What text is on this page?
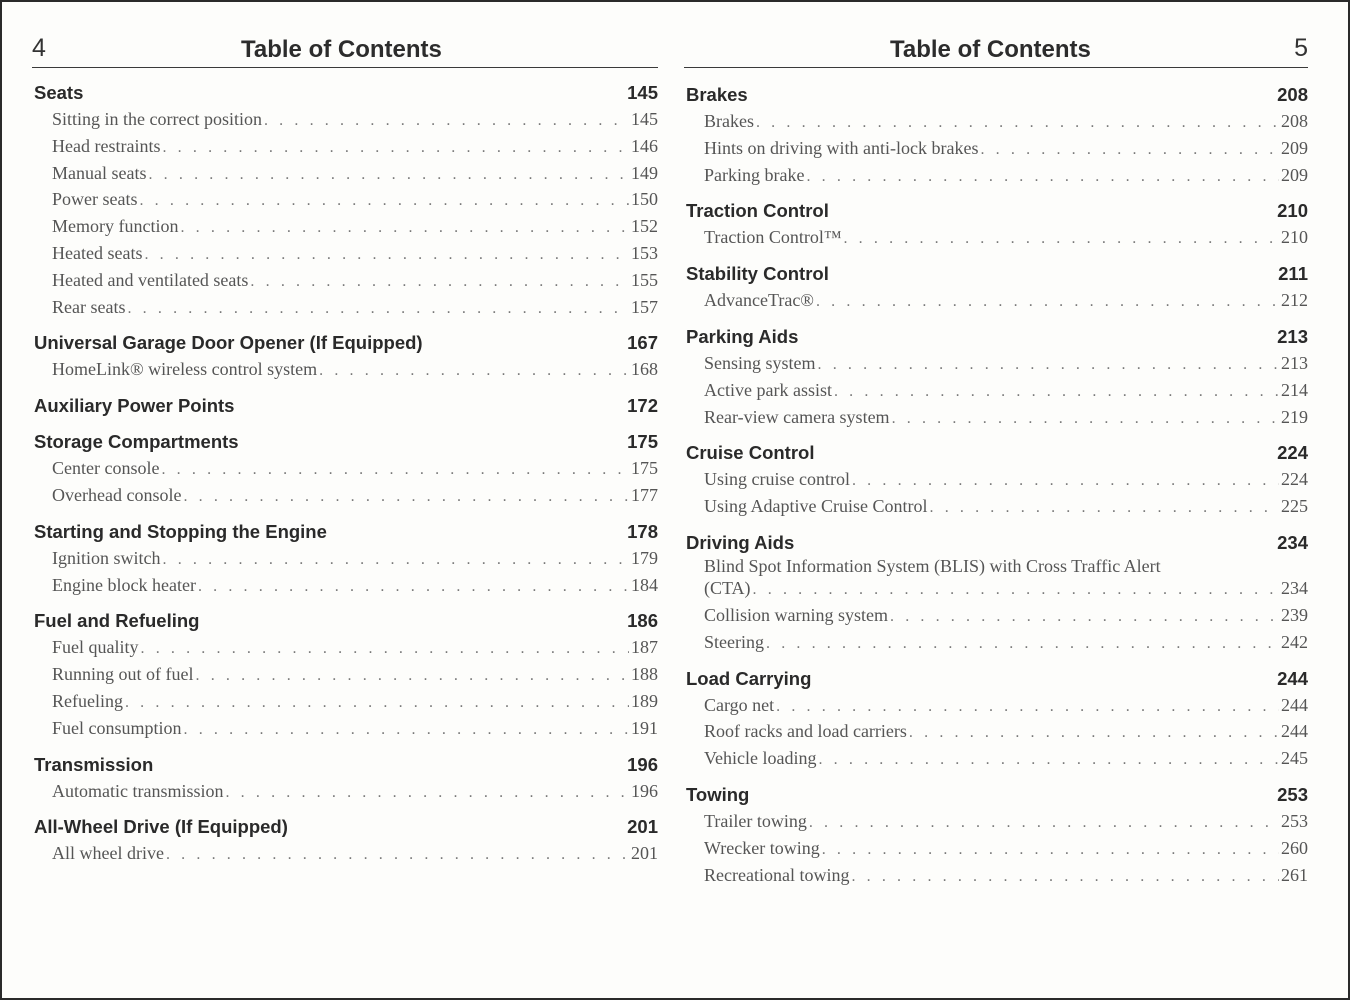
4	Table of Contents
Seats	145
Sitting in the correct position . . .	145
Head restraints . . .	146
Manual seats . . .	149
Power seats . . .	150
Memory function . . .	152
Heated seats . . .	153
Heated and ventilated seats . . .	155
Rear seats . . .	157
Universal Garage Door Opener (If Equipped)	167
HomeLink® wireless control system . . .	168
Auxiliary Power Points	172
Storage Compartments	175
Center console . . .	175
Overhead console . . .	177
Starting and Stopping the Engine	178
Ignition switch . . .	179
Engine block heater . . .	184
Fuel and Refueling	186
Fuel quality . . .	187
Running out of fuel . . .	188
Refueling . . .	189
Fuel consumption . . .	191
Transmission	196
Automatic transmission . . .	196
All-Wheel Drive (If Equipped)	201
All wheel drive . . .	201
Table of Contents	5
Brakes	208
Brakes . . .	208
Hints on driving with anti-lock brakes . . .	209
Parking brake . . .	209
Traction Control	210
Traction Control™ . . .	210
Stability Control	211
AdvanceTrac® . . .	212
Parking Aids	213
Sensing system . . .	213
Active park assist . . .	214
Rear-view camera system . . .	219
Cruise Control	224
Using cruise control . . .	224
Using Adaptive Cruise Control . . .	225
Driving Aids	234
Blind Spot Information System (BLIS) with Cross Traffic Alert
(CTA) . . .	234
Collision warning system . . .	239
Steering . . .	242
Load Carrying	244
Cargo net . . .	244
Roof racks and load carriers . . .	244
Vehicle loading . . .	245
Towing	253
Trailer towing . . .	253
Wrecker towing . . .	260
Recreational towing . . .	261
